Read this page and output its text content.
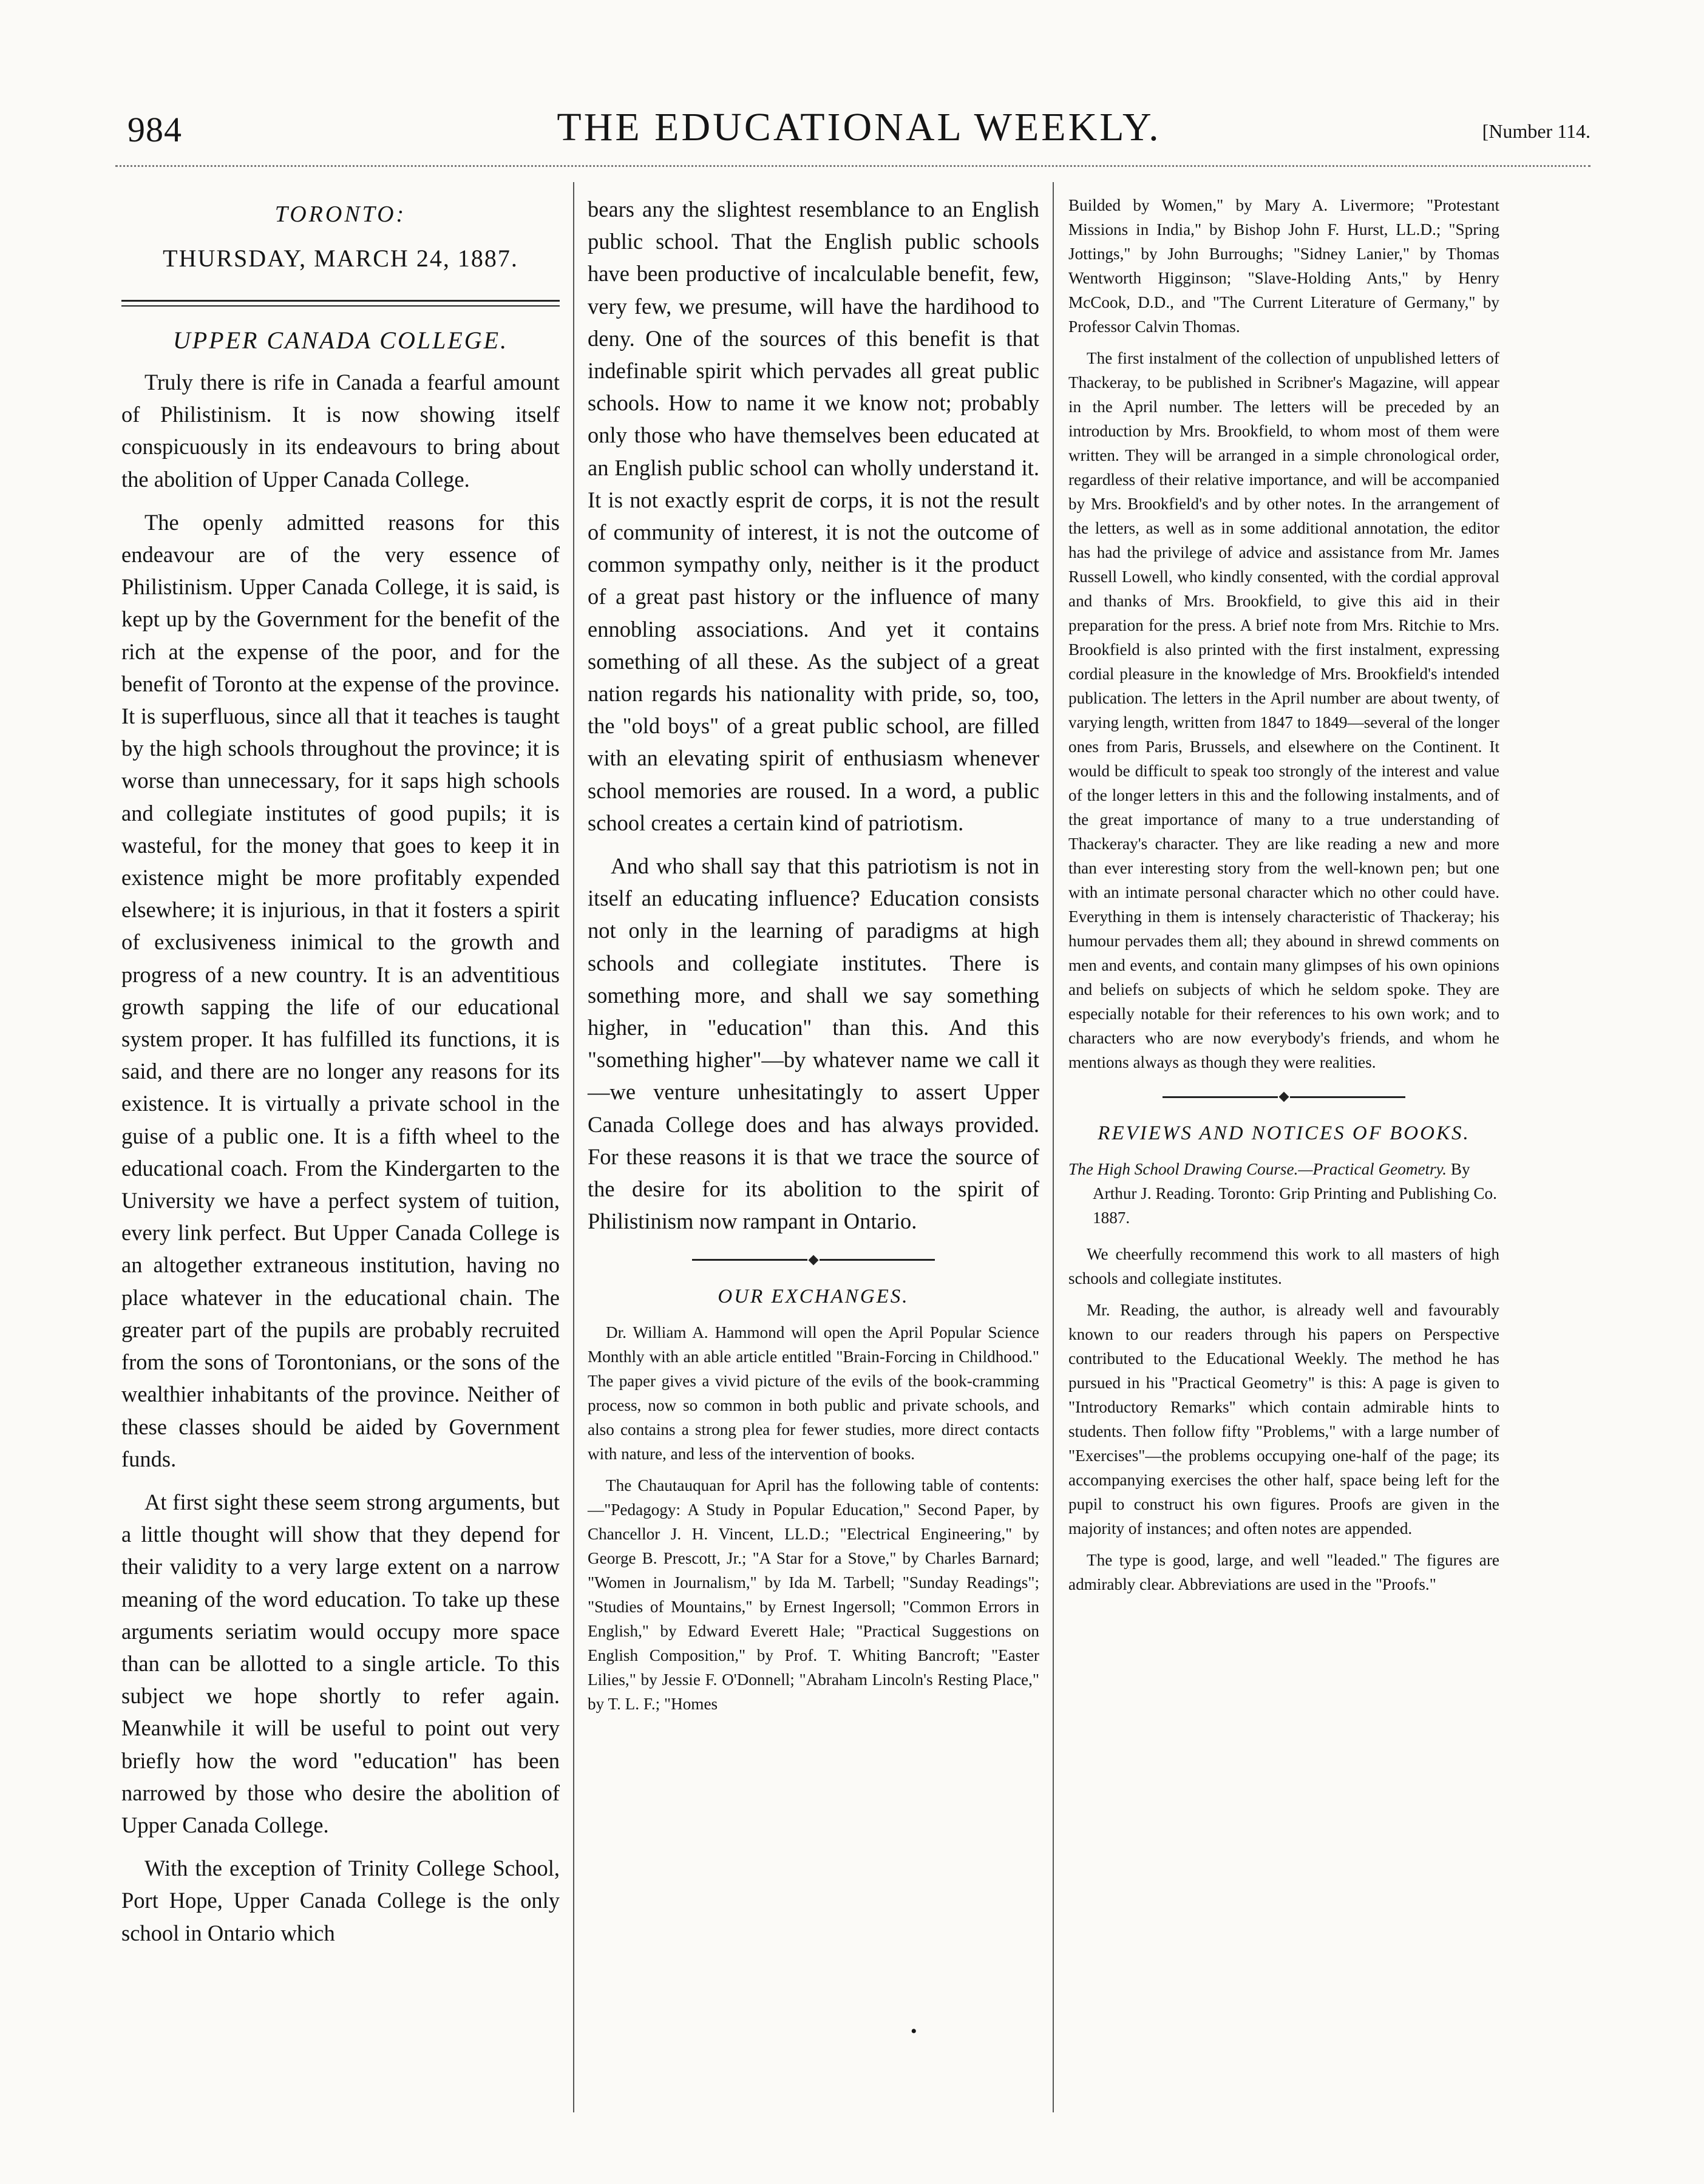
984	THE EDUCATIONAL WEEKLY.	[Number 114.
TORONTO:
THURSDAY, MARCH 24, 1887.
UPPER CANADA COLLEGE.

Truly there is rife in Canada a fearful amount of Philistinism. It is now showing itself conspicuously in its endeavours to bring about the abolition of Upper Canada College.

The openly admitted reasons for this endeavour are of the very essence of Philistinism. Upper Canada College, it is said, is kept up by the Government for the benefit of the rich at the expense of the poor, and for the benefit of Toronto at the expense of the province. It is superfluous, since all that it teaches is taught by the high schools throughout the province; it is worse than unnecessary, for it saps high schools and collegiate institutes of good pupils; it is wasteful, for the money that goes to keep it in existence might be more profitably expended elsewhere; it is injurious, in that it fosters a spirit of exclusiveness inimical to the growth and progress of a new country. It is an adventitious growth sapping the life of our educational system proper. It has fulfilled its functions, it is said, and there are no longer any reasons for its existence. It is virtually a private school in the guise of a public one. It is a fifth wheel to the educational coach. From the Kindergarten to the University we have a perfect system of tuition, every link perfect. But Upper Canada College is an altogether extraneous institution, having no place whatever in the educational chain. The greater part of the pupils are probably recruited from the sons of Torontonians, or the sons of the wealthier inhabitants of the province. Neither of these classes should be aided by Government funds.

At first sight these seem strong arguments, but a little thought will show that they depend for their validity to a very large extent on a narrow meaning of the word education. To take up these arguments seriatim would occupy more space than can be allotted to a single article. To this subject we hope shortly to refer again. Meanwhile it will be useful to point out very briefly how the word "education" has been narrowed by those who desire the abolition of Upper Canada College.

With the exception of Trinity College School, Port Hope, Upper Canada College is the only school in Ontario which

bears any the slightest resemblance to an English public school. That the English public schools have been productive of incalculable benefit, few, very few, we presume, will have the hardihood to deny. One of the sources of this benefit is that indefinable spirit which pervades all great public schools. How to name it we know not; probably only those who have themselves been educated at an English public school can wholly understand it. It is not exactly esprit de corps, it is not the result of community of interest, it is not the outcome of common sympathy only, neither is it the product of a great past history or the influence of many ennobling associations. And yet it contains something of all these. As the subject of a great nation regards his nationality with pride, so, too, the "old boys" of a great public school, are filled with an elevating spirit of enthusiasm whenever school memories are roused. In a word, a public school creates a certain kind of patriotism.

And who shall say that this patriotism is not in itself an educating influence? Education consists not only in the learning of paradigms at high schools and collegiate institutes. There is something more, and shall we say something higher, in "education" than this. And this "something higher"—by whatever name we call it—we venture unhesitatingly to assert Upper Canada College does and has always provided. For these reasons it is that we trace the source of the desire for its abolition to the spirit of Philistinism now rampant in Ontario.

OUR EXCHANGES.

Dr. William A. Hammond will open the April Popular Science Monthly with an able article entitled "Brain-Forcing in Childhood." The paper gives a vivid picture of the evils of the book-cramming process, now so common in both public and private schools, and also contains a strong plea for fewer studies, more direct contacts with nature, and less of the intervention of books.

The Chautauquan for April has the following table of contents:—"Pedagogy: A Study in Popular Education," Second Paper, by Chancellor J. H. Vincent, LL.D.; "Electrical Engineering," by George B. Prescott, Jr.; "A Star for a Stove," by Charles Barnard; "Women in Journalism," by Ida M. Tarbell; "Sunday Readings"; "Studies of Mountains," by Ernest Ingersoll; "Common Errors in English," by Edward Everett Hale; "Practical Suggestions on English Composition," by Prof. T. Whiting Bancroft; "Easter Lilies," by Jessie F. O'Donnell; "Abraham Lincoln's Resting Place," by T. L. F.; "Homes

Builded by Women," by Mary A. Livermore; "Protestant Missions in India," by Bishop John F. Hurst, LL.D.; "Spring Jottings," by John Burroughs; "Sidney Lanier," by Thomas Wentworth Higginson; "Slave-Holding Ants," by Henry McCook, D.D., and "The Current Literature of Germany," by Professor Calvin Thomas.

The first instalment of the collection of unpublished letters of Thackeray, to be published in Scribner's Magazine, will appear in the April number. The letters will be preceded by an introduction by Mrs. Brookfield, to whom most of them were written. They will be arranged in a simple chronological order, regardless of their relative importance, and will be accompanied by Mrs. Brookfield's and by other notes. In the arrangement of the letters, as well as in some additional annotation, the editor has had the privilege of advice and assistance from Mr. James Russell Lowell, who kindly consented, with the cordial approval and thanks of Mrs. Brookfield, to give this aid in their preparation for the press. A brief note from Mrs. Ritchie to Mrs. Brookfield is also printed with the first instalment, expressing cordial pleasure in the knowledge of Mrs. Brookfield's intended publication. The letters in the April number are about twenty, of varying length, written from 1847 to 1849—several of the longer ones from Paris, Brussels, and elsewhere on the Continent. It would be difficult to speak too strongly of the interest and value of the longer letters in this and the following instalments, and of the great importance of many to a true understanding of Thackeray's character. They are like reading a new and more than ever interesting story from the well-known pen; but one with an intimate personal character which no other could have. Everything in them is intensely characteristic of Thackeray; his humour pervades them all; they abound in shrewd comments on men and events, and contain many glimpses of his own opinions and beliefs on subjects of which he seldom spoke. They are especially notable for their references to his own work; and to characters who are now everybody's friends, and whom he mentions always as though they were realities.

REVIEWS AND NOTICES OF BOOKS.
The High School Drawing Course.—Practical Geometry. By Arthur J. Reading. Toronto: Grip Printing and Publishing Co. 1887.

We cheerfully recommend this work to all masters of high schools and collegiate institutes.

Mr. Reading, the author, is already well and favourably known to our readers through his papers on Perspective contributed to the Educational Weekly. The method he has pursued in his "Practical Geometry" is this: A page is given to "Introductory Remarks" which contain admirable hints to students. Then follow fifty "Problems," with a large number of "Exercises"—the problems occupying one-half of the page; its accompanying exercises the other half, space being left for the pupil to construct his own figures. Proofs are given in the majority of instances; and often notes are appended.

The type is good, large, and well "leaded." The figures are admirably clear. Abbreviations are used in the "Proofs."

•
